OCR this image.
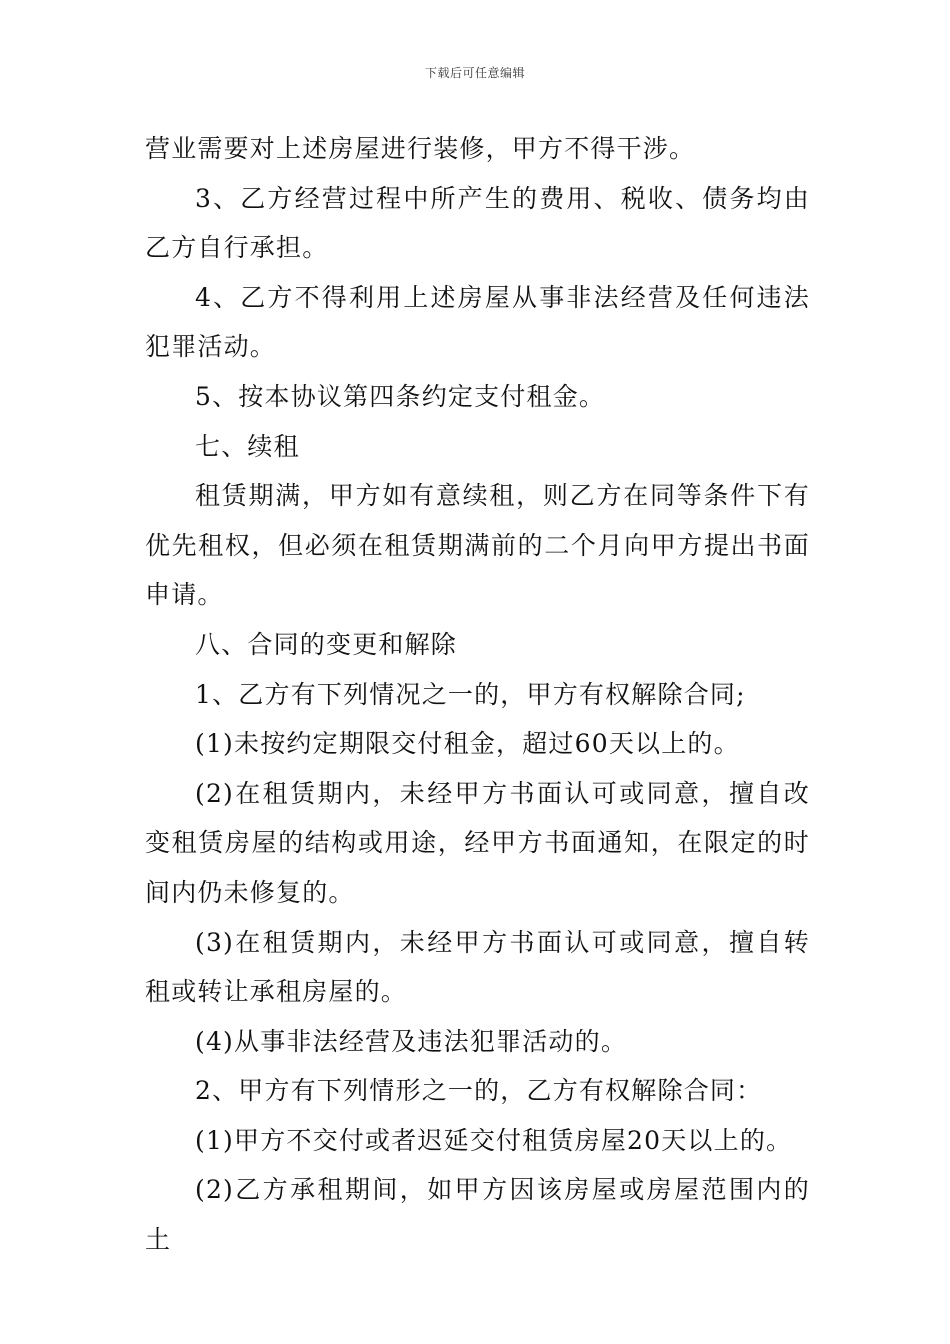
下载后可任意编辑

营业需要对上述房屋进行装修，甲方不得干涉。

3、乙方经营过程中所产生的费用、税收、债务均由乙方自行承担。

4、乙方不得利用上述房屋从事非法经营及任何违法犯罪活动。

5、按本协议第四条约定支付租金。

七、续租

租赁期满，甲方如有意续租，则乙方在同等条件下有优先租权，但必须在租赁期满前的二个月向甲方提出书面申请。

八、合同的变更和解除

1、乙方有下列情况之一的，甲方有权解除合同;

(1)未按约定期限交付租金，超过60天以上的。

(2)在租赁期内，未经甲方书面认可或同意，擅自改变租赁房屋的结构或用途，经甲方书面通知，在限定的时间内仍未修复的。

(3)在租赁期内，未经甲方书面认可或同意，擅自转租或转让承租房屋的。

(4)从事非法经营及违法犯罪活动的。

2、甲方有下列情形之一的，乙方有权解除合同：

(1)甲方不交付或者迟延交付租赁房屋20天以上的。

(2)乙方承租期间，如甲方因该房屋或房屋范围内的土
